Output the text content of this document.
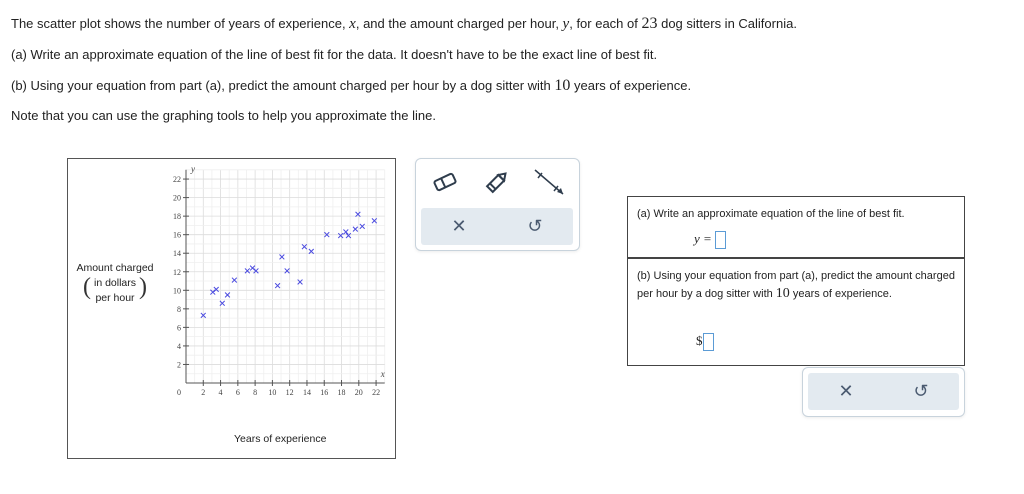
The scatter plot shows the number of years of experience, x, and the amount charged per hour, y, for each of 23 dog sitters in California.
(a) Write an approximate equation of the line of best fit for the data. It doesn't have to be the exact line of best fit.
(b) Using your equation from part (a), predict the amount charged per hour by a dog sitter with 10 years of experience.
Note that you can use the graphing tools to help you approximate the line.
Amount charged
in dollars
per hour
( )
Years of experience
2 4 6 8 10 12 14 16 18 20 22
2
4
6
8
10
12
14
16
18
20
22
0
y
x
✕	↺
(a) Write an approximate equation of the line of best fit.
y =
(b) Using your equation from part (a), predict the amount charged per hour by a dog sitter with 10 years of experience.
$
✕	↺
